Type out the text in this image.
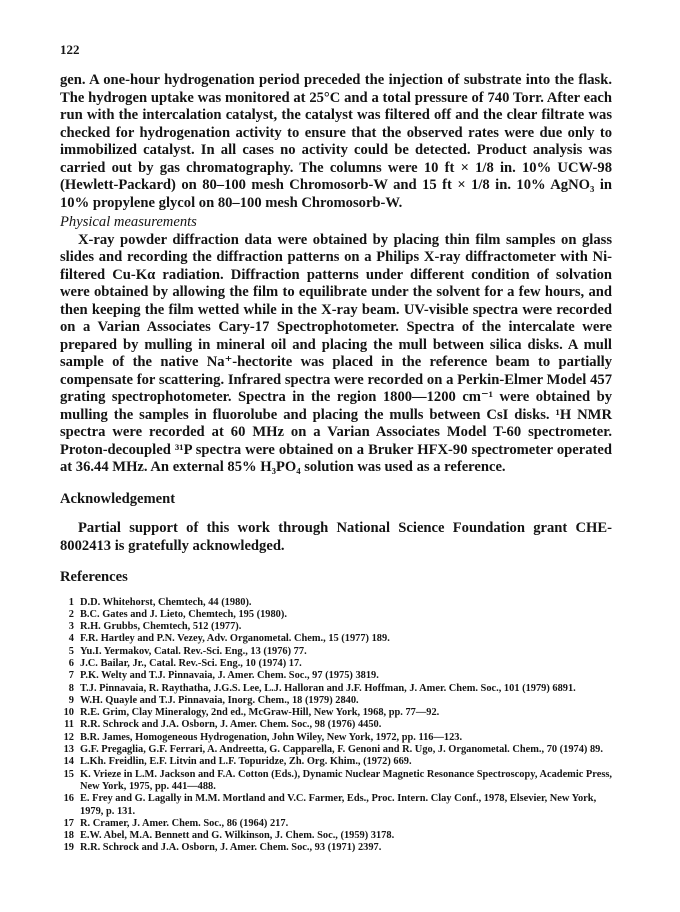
122

gen. A one-hour hydrogenation period preceded the injection of substrate into the flask. The hydrogen uptake was monitored at 25°C and a total pressure of 740 Torr. After each run with the intercalation catalyst, the catalyst was filtered off and the clear filtrate was checked for hydrogenation activity to ensure that the observed rates were due only to immobilized catalyst. In all cases no activity could be detected. Product analysis was carried out by gas chromatography. The columns were 10 ft × 1/8 in. 10% UCW-98 (Hewlett-Packard) on 80–100 mesh Chromosorb-W and 15 ft × 1/8 in. 10% AgNO₃ in 10% propylene glycol on 80–100 mesh Chromosorb-W.

Physical measurements

X-ray powder diffraction data were obtained by placing thin film samples on glass slides and recording the diffraction patterns on a Philips X-ray diffractometer with Ni-filtered Cu-Kα radiation. Diffraction patterns under different condition of solvation were obtained by allowing the film to equilibrate under the solvent for a few hours, and then keeping the film wetted while in the X-ray beam. UV-visible spectra were recorded on a Varian Associates Cary-17 Spectrophotometer. Spectra of the intercalate were prepared by mulling in mineral oil and placing the mull between silica disks. A mull sample of the native Na⁺-hectorite was placed in the reference beam to partially compensate for scattering. Infrared spectra were recorded on a Perkin-Elmer Model 457 grating spectrophotometer. Spectra in the region 1800—1200 cm⁻¹ were obtained by mulling the samples in fluorolube and placing the mulls between CsI disks. ¹H NMR spectra were recorded at 60 MHz on a Varian Associates Model T-60 spectrometer. Proton-decoupled ³¹P spectra were obtained on a Bruker HFX-90 spectrometer operated at 36.44 MHz. An external 85% H₃PO₄ solution was used as a reference.

Acknowledgement

Partial support of this work through National Science Foundation grant CHE-8002413 is gratefully acknowledged.

References
1 D.D. Whitehorst, Chemtech, 44 (1980).
2 B.C. Gates and J. Lieto, Chemtech, 195 (1980).
3 R.H. Grubbs, Chemtech, 512 (1977).
4 F.R. Hartley and P.N. Vezey, Adv. Organometal. Chem., 15 (1977) 189.
5 Yu.I. Yermakov, Catal. Rev.-Sci. Eng., 13 (1976) 77.
6 J.C. Bailar, Jr., Catal. Rev.-Sci. Eng., 10 (1974) 17.
7 P.K. Welty and T.J. Pinnavaia, J. Amer. Chem. Soc., 97 (1975) 3819.
8 T.J. Pinnavaia, R. Raythatha, J.G.S. Lee, L.J. Halloran and J.F. Hoffman, J. Amer. Chem. Soc., 101 (1979) 6891.
9 W.H. Quayle and T.J. Pinnavaia, Inorg. Chem., 18 (1979) 2840.
10 R.E. Grim, Clay Mineralogy, 2nd ed., McGraw-Hill, New York, 1968, pp. 77—92.
11 R.R. Schrock and J.A. Osborn, J. Amer. Chem. Soc., 98 (1976) 4450.
12 B.R. James, Homogeneous Hydrogenation, John Wiley, New York, 1972, pp. 116—123.
13 G.F. Pregaglia, G.F. Ferrari, A. Andreetta, G. Capparella, F. Genoni and R. Ugo, J. Organometal. Chem., 70 (1974) 89.
14 L.Kh. Freidlin, E.F. Litvin and L.F. Topuridze, Zh. Org. Khim., (1972) 669.
15 K. Vrieze in L.M. Jackson and F.A. Cotton (Eds.), Dynamic Nuclear Magnetic Resonance Spectroscopy, Academic Press, New York, 1975, pp. 441—488.
16 E. Frey and G. Lagally in M.M. Mortland and V.C. Farmer, Eds., Proc. Intern. Clay Conf., 1978, Elsevier, New York, 1979, p. 131.
17 R. Cramer, J. Amer. Chem. Soc., 86 (1964) 217.
18 E.W. Abel, M.A. Bennett and G. Wilkinson, J. Chem. Soc., (1959) 3178.
19 R.R. Schrock and J.A. Osborn, J. Amer. Chem. Soc., 93 (1971) 2397.
